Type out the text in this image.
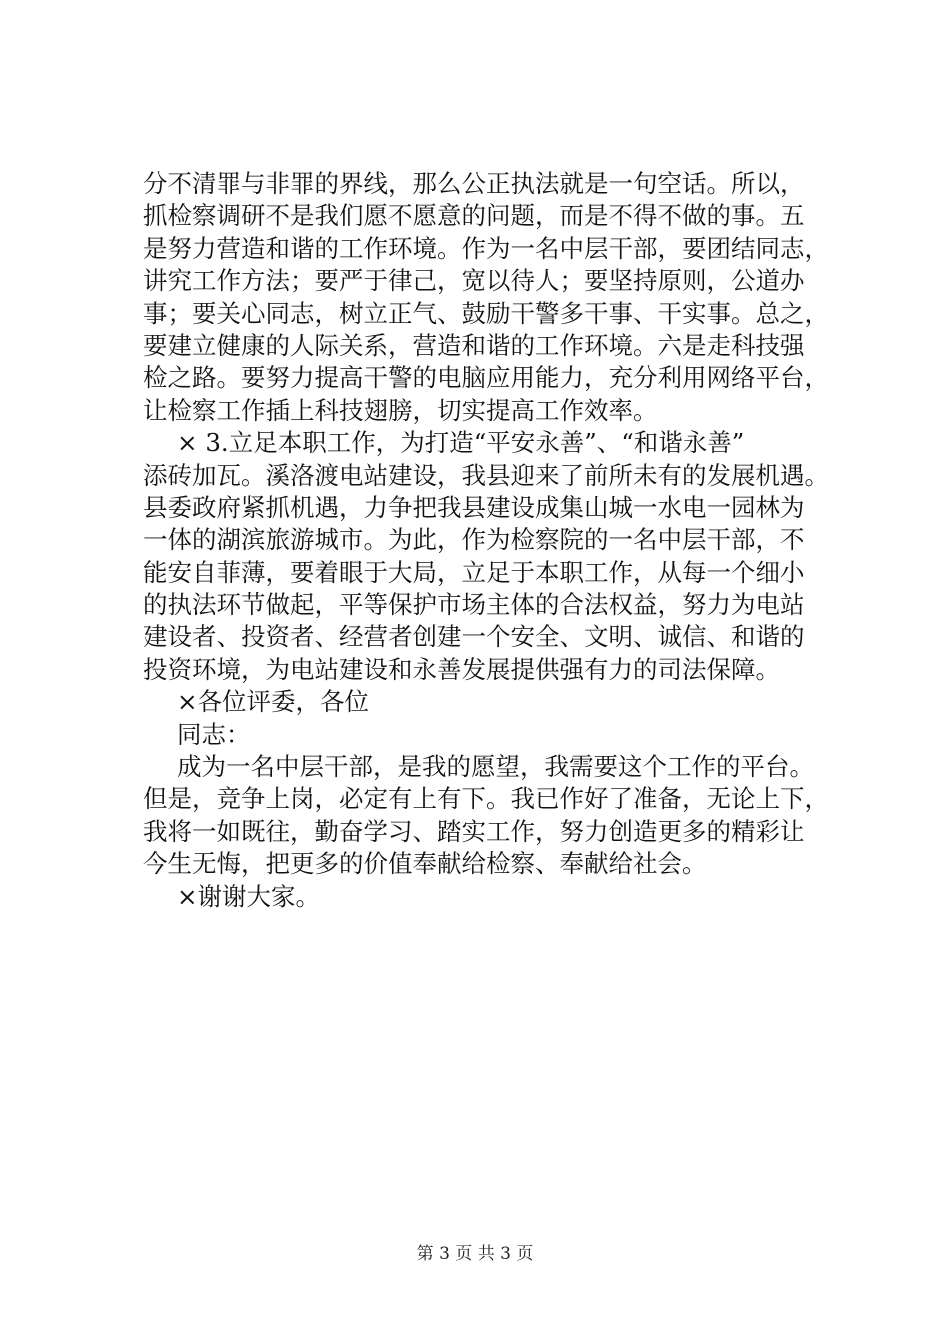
分不清罪与非罪的界线，那么公正执法就是一句空话。所以，
抓检察调研不是我们愿不愿意的问题，而是不得不做的事。五
是努力营造和谐的工作环境。作为一名中层干部，要团结同志，
讲究工作方法；要严于律己，宽以待人；要坚持原则，公道办
事；要关心同志，树立正气、鼓励干警多干事、干实事。总之，
要建立健康的人际关系，营造和谐的工作环境。六是走科技强
检之路。要努力提高干警的电脑应用能力，充分利用网络平台，
让检察工作插上科技翅膀，切实提高工作效率。
× 3.立足本职工作，为打造“平安永善”、“和谐永善”
添砖加瓦。溪洛渡电站建设，我县迎来了前所未有的发展机遇。
县委政府紧抓机遇，力争把我县建设成集山城一水电一园林为
一体的湖滨旅游城市。为此，作为检察院的一名中层干部，不
能安自菲薄，要着眼于大局，立足于本职工作，从每一个细小
的执法环节做起，平等保护市场主体的合法权益，努力为电站
建设者、投资者、经营者创建一个安全、文明、诚信、和谐的
投资环境，为电站建设和永善发展提供强有力的司法保障。
×各位评委，各位
同志：
成为一名中层干部，是我的愿望，我需要这个工作的平台。
但是，竞争上岗，必定有上有下。我已作好了准备，无论上下，
我将一如既往，勤奋学习、踏实工作，努力创造更多的精彩让
今生无悔，把更多的价值奉献给检察、奉献给社会。
×谢谢大家。
第 3 页 共 3 页
